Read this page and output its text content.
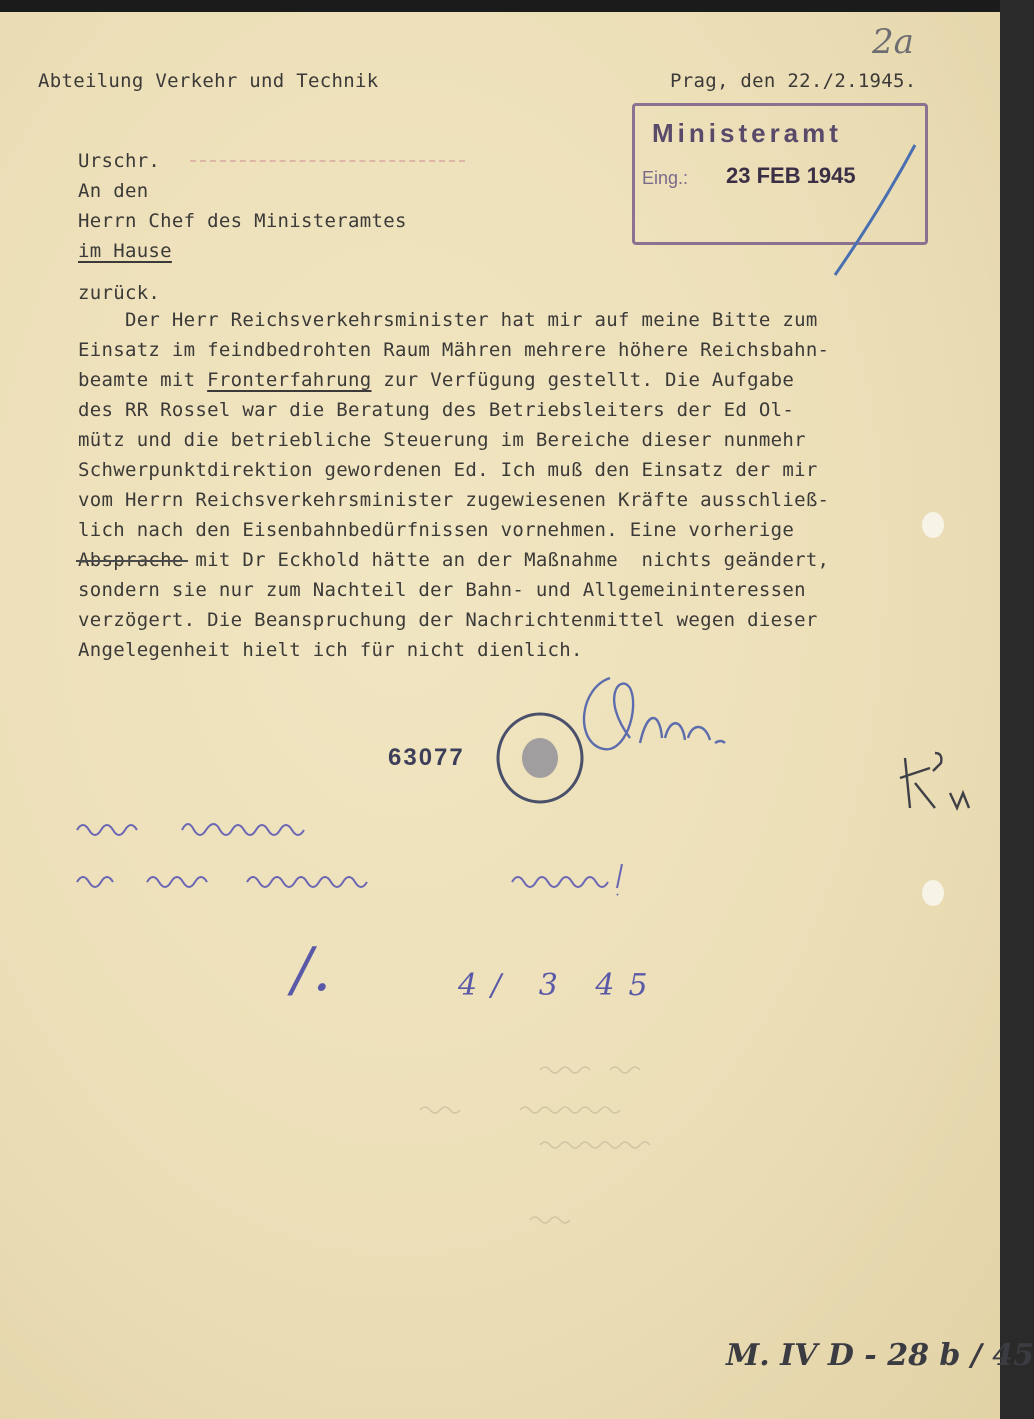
2a
Abteilung Verkehr und Technik	Prag, den 22./2.1945.
Ministeramt
Eing.: 23 FEB 1945
Urschr.
An den
Herrn Chef des Ministeramtes
im Hause
zurück.
Der Herr Reichsverkehrsminister hat mir auf meine Bitte zum
Einsatz im feindbedrohten Raum Mähren mehrere höhere Reichsbahn-
beamte mit Fronterfahrung zur Verfügung gestellt. Die Aufgabe
des RR Rossel war die Beratung des Betriebsleiters der Ed Ol-
mütz und die betriebliche Steuerung im Bereiche dieser nunmehr
Schwerpunktdirektion gewordenen Ed. Ich muß den Einsatz der mir
vom Herrn Reichsverkehrsminister zugewiesenen Kräfte ausschließ-
lich nach den Eisenbahnbedürfnissen vornehmen. Eine vorherige
Absprache mit Dr Eckhold hätte an der Maßnahme  nichts geändert,
sondern sie nur zum Nachteil der Bahn- und Allgemeininteressen
verzögert. Die Beanspruchung der Nachrichtenmittel wegen dieser
Angelegenheit hielt ich für nicht dienlich.
63077
/.	4/ 3 45
M. IV D - 28 b / 45
